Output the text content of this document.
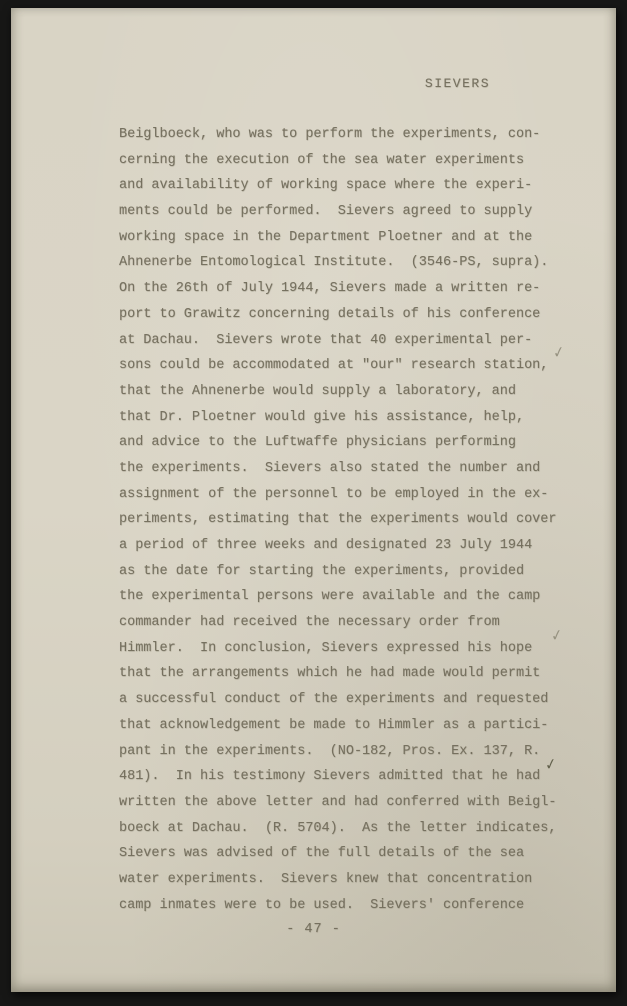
SIEVERS
Beiglboeck, who was to perform the experiments, con-
cerning the execution of the sea water experiments
and availability of working space where the experi-
ments could be performed.  Sievers agreed to supply
working space in the Department Ploetner and at the
Ahnenerbe Entomological Institute.  (3546-PS, supra).
On the 26th of July 1944, Sievers made a written re-
port to Grawitz concerning details of his conference
at Dachau.  Sievers wrote that 40 experimental per-
sons could be accommodated at "our" research station,
that the Ahnenerbe would supply a laboratory, and
that Dr. Ploetner would give his assistance, help,
and advice to the Luftwaffe physicians performing
the experiments.  Sievers also stated the number and
assignment of the personnel to be employed in the ex-
periments, estimating that the experiments would cover
a period of three weeks and designated 23 July 1944
as the date for starting the experiments, provided
the experimental persons were available and the camp
commander had received the necessary order from
Himmler.  In conclusion, Sievers expressed his hope
that the arrangements which he had made would permit
a successful conduct of the experiments and requested
that acknowledgement be made to Himmler as a partici-
pant in the experiments.  (NO-182, Pros. Ex. 137, R.
481).  In his testimony Sievers admitted that he had
written the above letter and had conferred with Beigl-
boeck at Dachau.  (R. 5704).  As the letter indicates,
Sievers was advised of the full details of the sea
water experiments.  Sievers knew that concentration
camp inmates were to be used.  Sievers' conference
✓
✓
✓
- 47 -
